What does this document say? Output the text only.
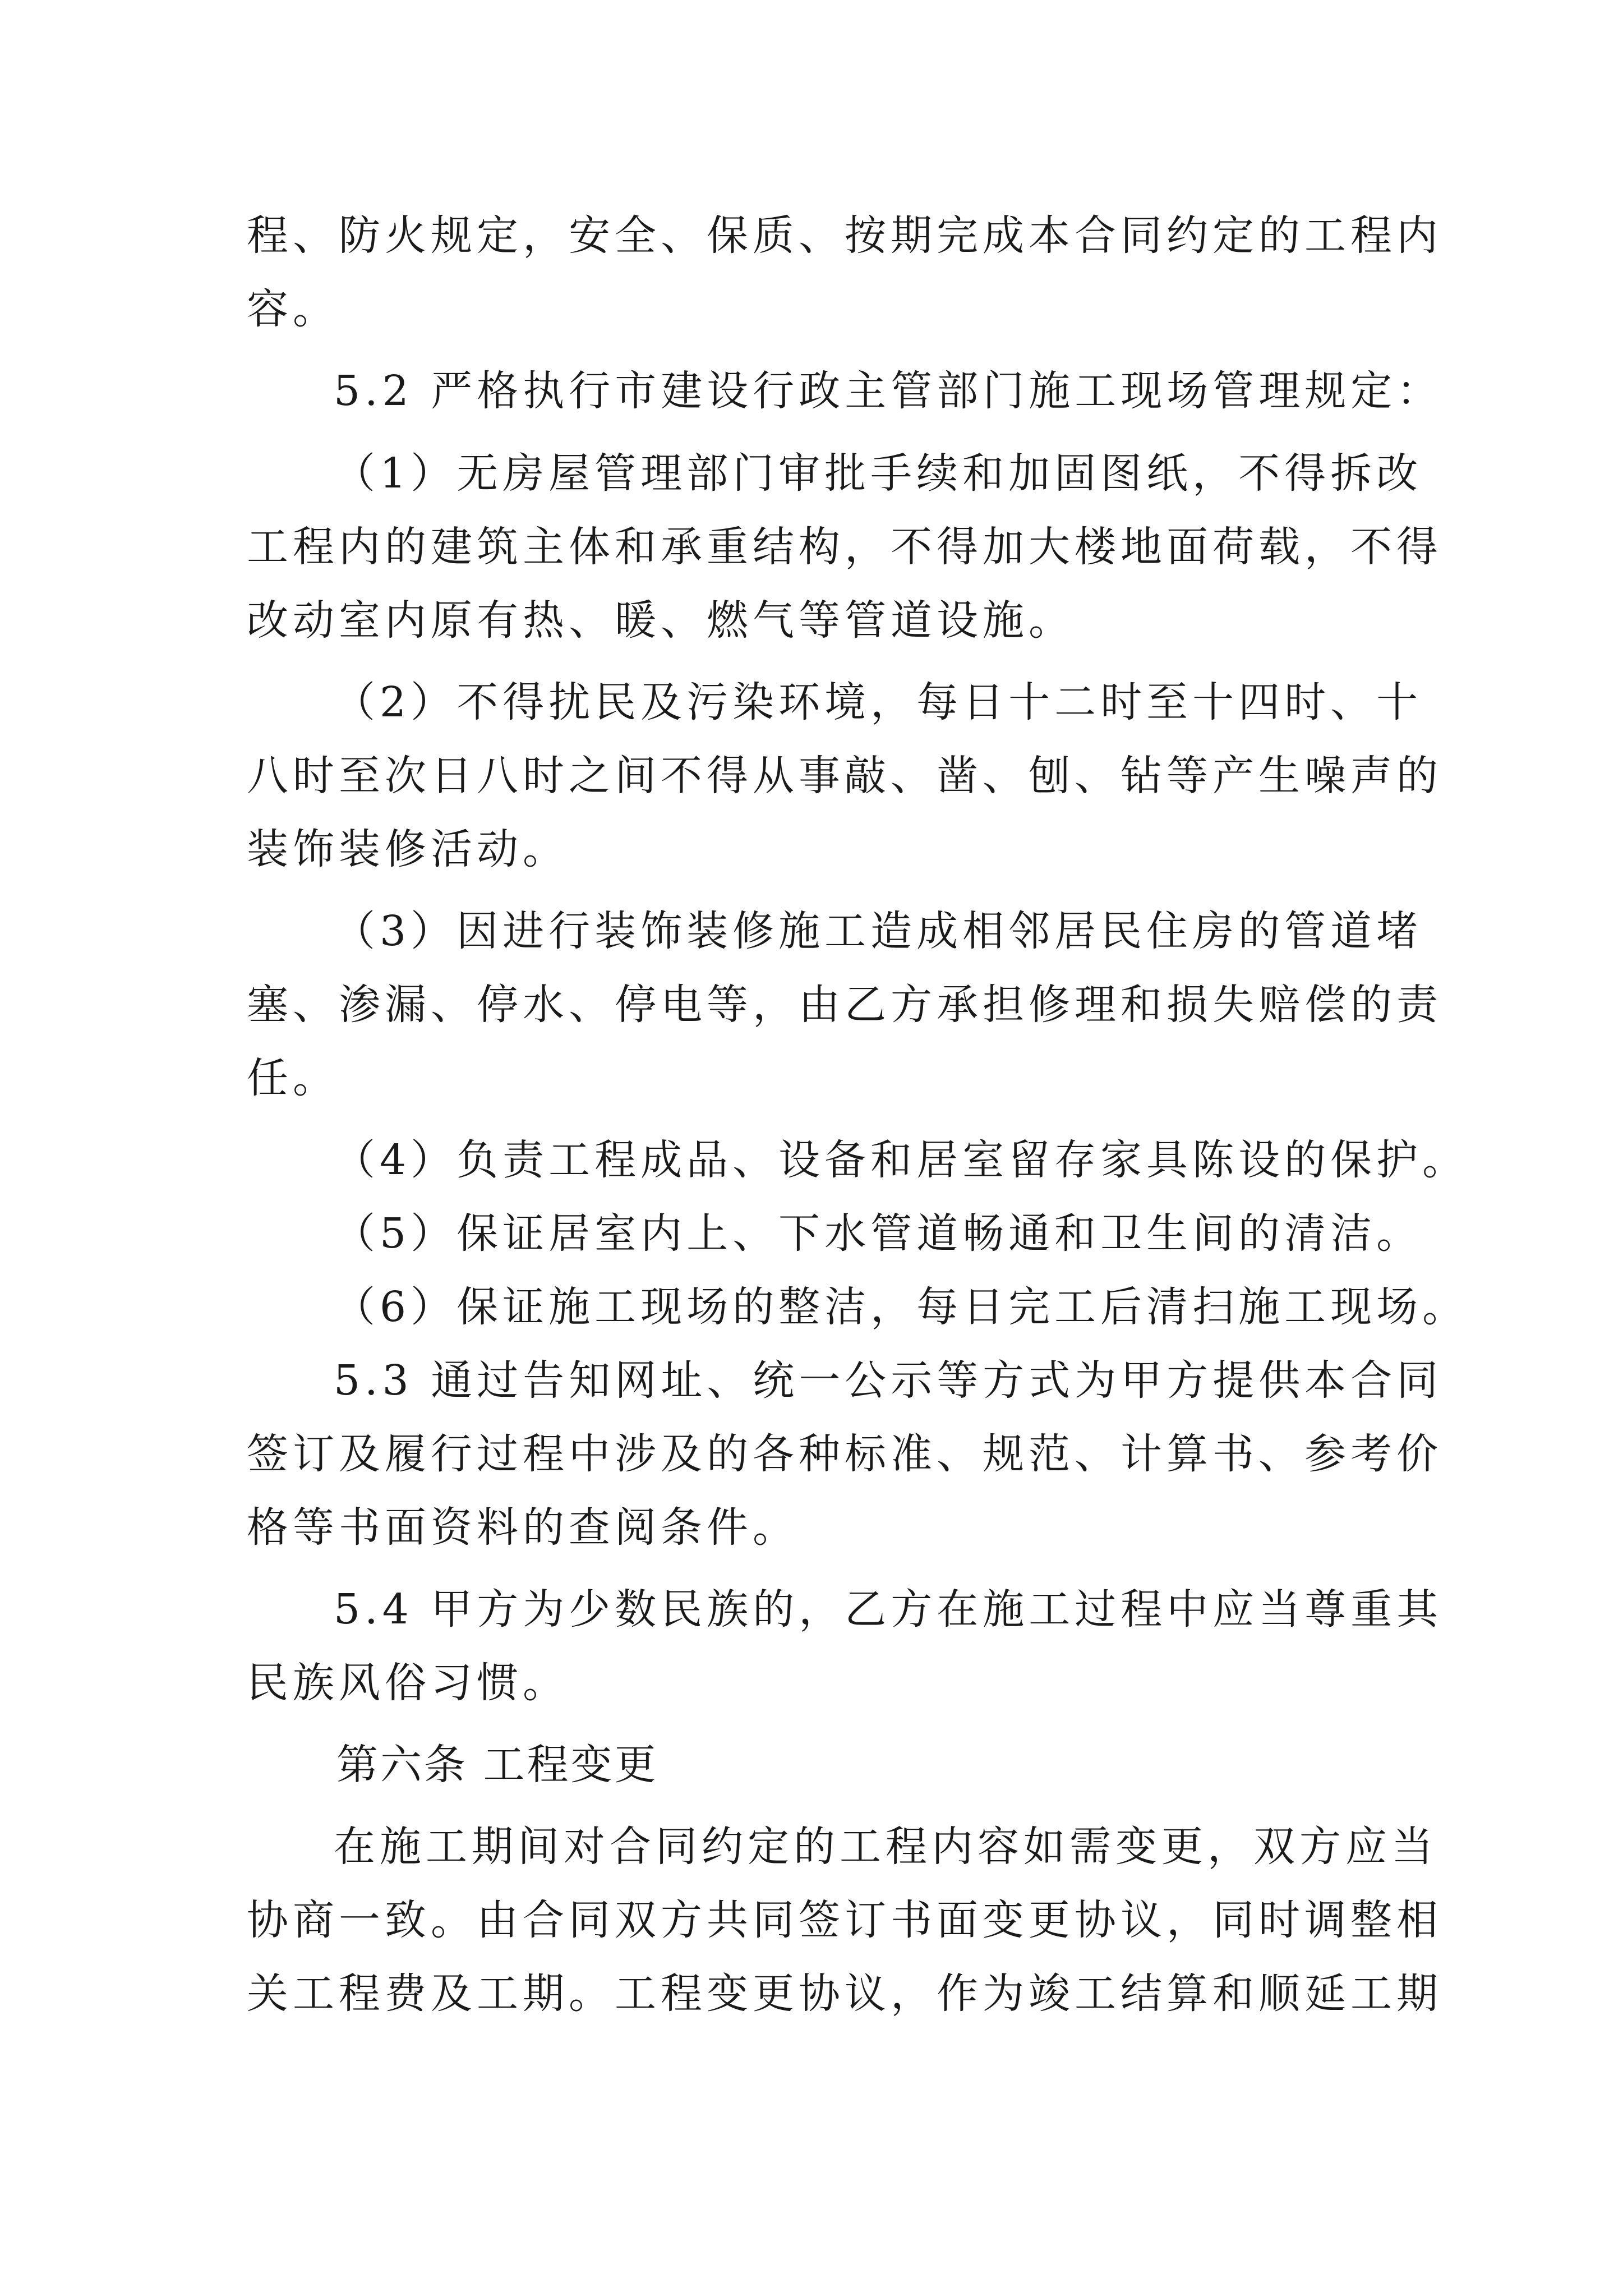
程、防火规定，安全、保质、按期完成本合同约定的工程内
容。
5.2 严格执行市建设行政主管部门施工现场管理规定：
（1）无房屋管理部门审批手续和加固图纸，不得拆改
工程内的建筑主体和承重结构，不得加大楼地面荷载，不得
改动室内原有热、暖、燃气等管道设施。
（2）不得扰民及污染环境，每日十二时至十四时、十
八时至次日八时之间不得从事敲、凿、刨、钻等产生噪声的
装饰装修活动。
（3）因进行装饰装修施工造成相邻居民住房的管道堵
塞、渗漏、停水、停电等，由乙方承担修理和损失赔偿的责
任。
（4）负责工程成品、设备和居室留存家具陈设的保护。
（5）保证居室内上、下水管道畅通和卫生间的清洁。
（6）保证施工现场的整洁，每日完工后清扫施工现场。
5.3 通过告知网址、统一公示等方式为甲方提供本合同
签订及履行过程中涉及的各种标准、规范、计算书、参考价
格等书面资料的查阅条件。
5.4 甲方为少数民族的，乙方在施工过程中应当尊重其
民族风俗习惯。
第六条 工程变更
在施工期间对合同约定的工程内容如需变更，双方应当
协商一致。由合同双方共同签订书面变更协议，同时调整相
关工程费及工期。工程变更协议，作为竣工结算和顺延工期
